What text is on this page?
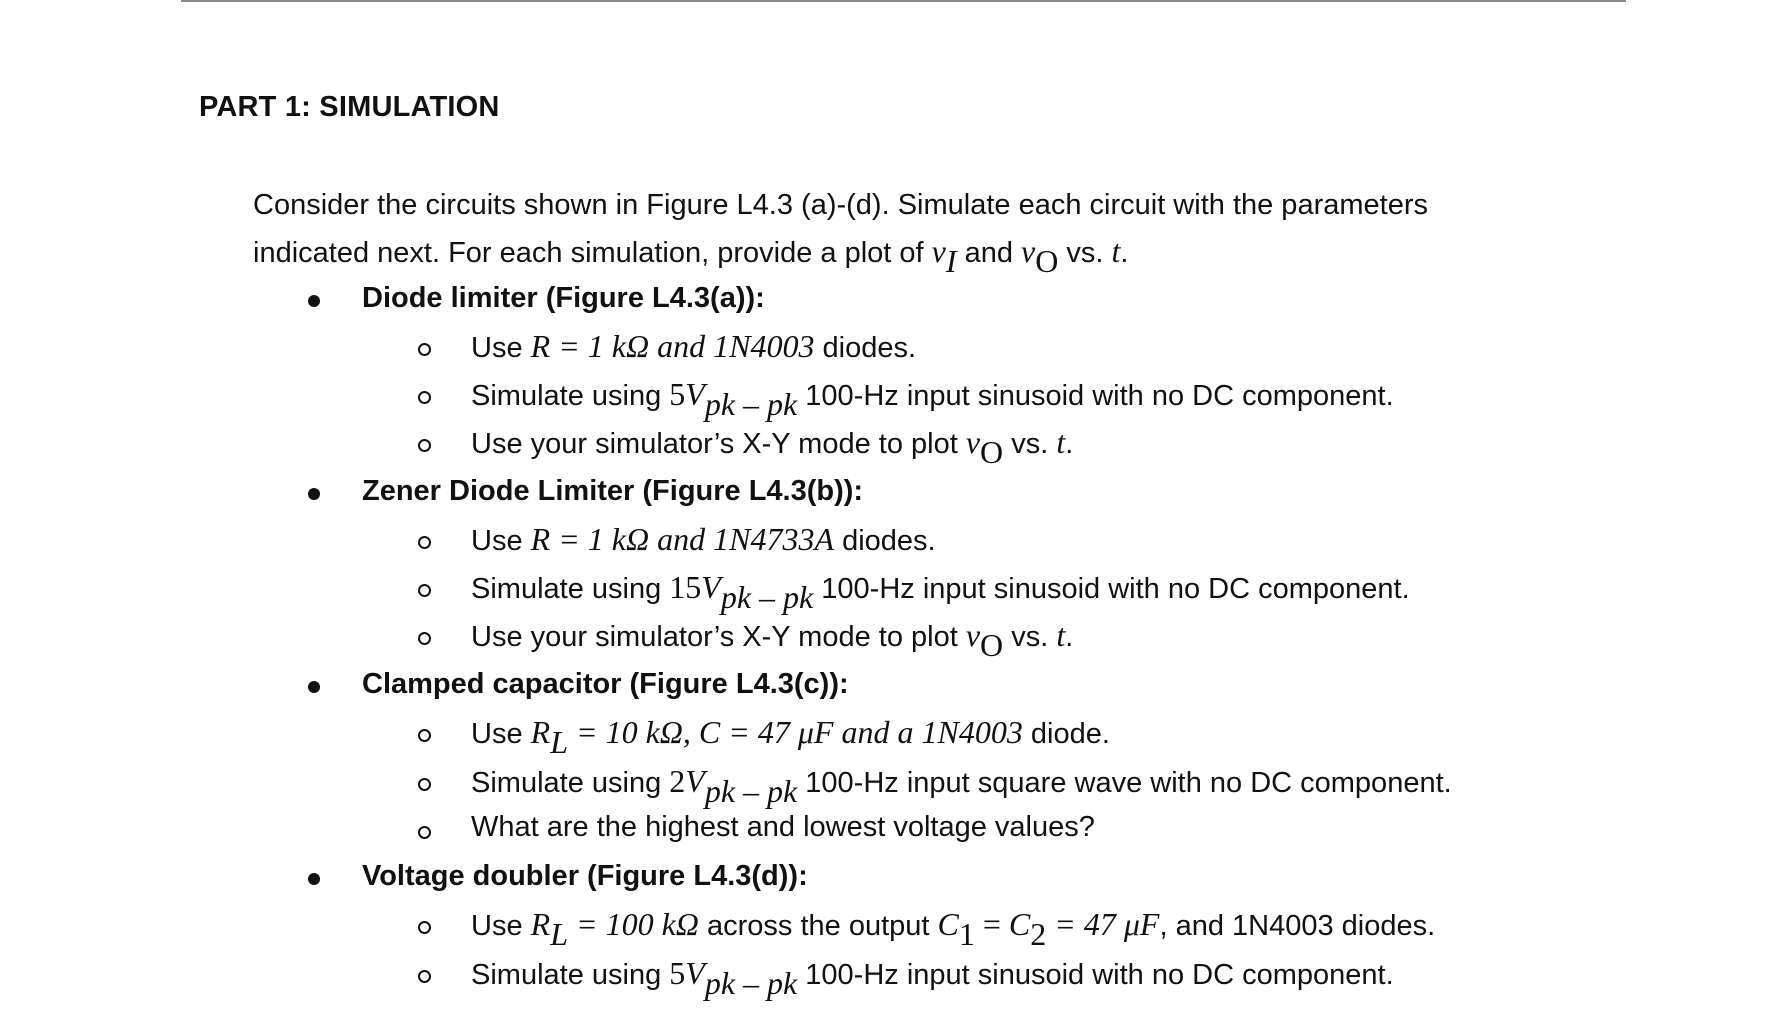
PART 1: SIMULATION
Consider the circuits shown in Figure L4.3 (a)-(d). Simulate each circuit with the parameters
indicated next. For each simulation, provide a plot of $v_I$ and $v_O$ vs. t.
Diode limiter (Figure L4.3(a)):
Use R = 1 kΩ and 1N4003 diodes.
Simulate using $5V_{pk - pk}$ 100-Hz input sinusoid with no DC component.
Use your simulator’s X-Y mode to plot $v_O$ vs. t.
Zener Diode Limiter (Figure L4.3(b)):
Use R = 1 kΩ and 1N4733A diodes.
Simulate using $15V_{pk - pk}$ 100-Hz input sinusoid with no DC component.
Use your simulator’s X-Y mode to plot $v_O$ vs. t.
Clamped capacitor (Figure L4.3(c)):
Use $R_L = 10$ kΩ, C = 47 μF and a 1N4003 diode.
Simulate using $2V_{pk - pk}$ 100-Hz input square wave with no DC component.
What are the highest and lowest voltage values?
Voltage doubler (Figure L4.3(d)):
Use $R_L = 100$ kΩ across the output $C_1 = C_2 = 47$ μF, and 1N4003 diodes.
Simulate using $5V_{pk - pk}$ 100-Hz input sinusoid with no DC component.
